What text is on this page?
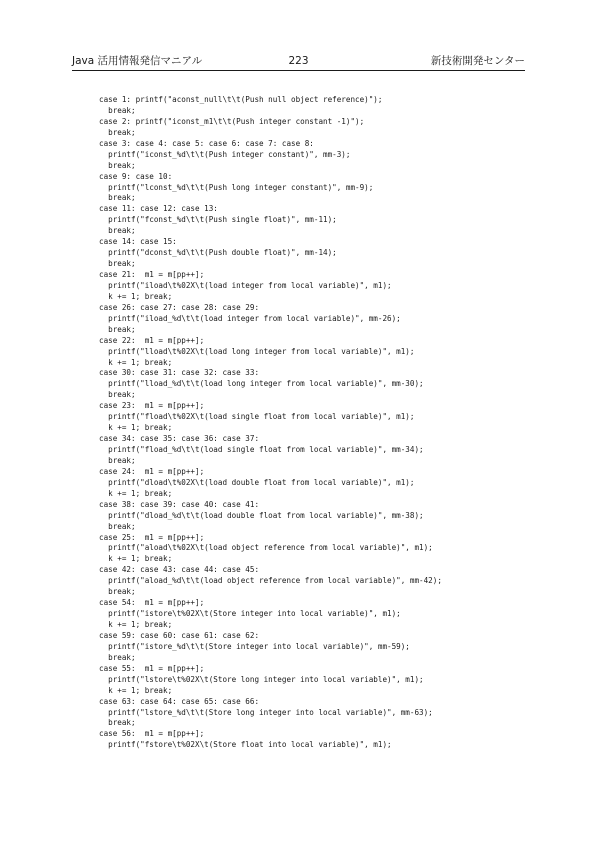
223
Java 活用情報発信マニアル	新技術開発センター
case 1: printf("aconst_null\t\t(Push null object reference)");
break;
case 2: printf("iconst_m1\t\t(Push integer constant -1)");
break;
case 3: case 4: case 5: case 6: case 7: case 8:
printf("iconst_%d\t\t(Push integer constant)", mm-3);
break;
case 9: case 10:
printf("lconst_%d\t\t(Push long integer constant)", mm-9);
break;
case 11: case 12: case 13:
printf("fconst_%d\t\t(Push single float)", mm-11);
break;
case 14: case 15:
printf("dconst_%d\t\t(Push double float)", mm-14);
break;
case 21:  m1 = m[pp++];
printf("iload\t%02X\t(load integer from local variable)", m1);
k += 1; break;
case 26: case 27: case 28: case 29:
printf("iload_%d\t\t(load integer from local variable)", mm-26);
break;
case 22:  m1 = m[pp++];
printf("lload\t%02X\t(load long integer from local variable)", m1);
k += 1; break;
case 30: case 31: case 32: case 33:
printf("lload_%d\t\t(load long integer from local variable)", mm-30);
break;
case 23:  m1 = m[pp++];
printf("fload\t%02X\t(load single float from local variable)", m1);
k += 1; break;
case 34: case 35: case 36: case 37:
printf("fload_%d\t\t(load single float from local variable)", mm-34);
break;
case 24:  m1 = m[pp++];
printf("dload\t%02X\t(load double float from local variable)", m1);
k += 1; break;
case 38: case 39: case 40: case 41:
printf("dload_%d\t\t(load double float from local variable)", mm-38);
break;
case 25:  m1 = m[pp++];
printf("aload\t%02X\t(load object reference from local variable)", m1);
k += 1; break;
case 42: case 43: case 44: case 45:
printf("aload_%d\t\t(load object reference from local variable)", mm-42);
break;
case 54:  m1 = m[pp++];
printf("istore\t%02X\t(Store integer into local variable)", m1);
k += 1; break;
case 59: case 60: case 61: case 62:
printf("istore_%d\t\t(Store integer into local variable)", mm-59);
break;
case 55:  m1 = m[pp++];
printf("lstore\t%02X\t(Store long integer into local variable)", m1);
k += 1; break;
case 63: case 64: case 65: case 66:
printf("lstore_%d\t\t(Store long integer into local variable)", mm-63);
break;
case 56:  m1 = m[pp++];
printf("fstore\t%02X\t(Store float into local variable)", m1);
